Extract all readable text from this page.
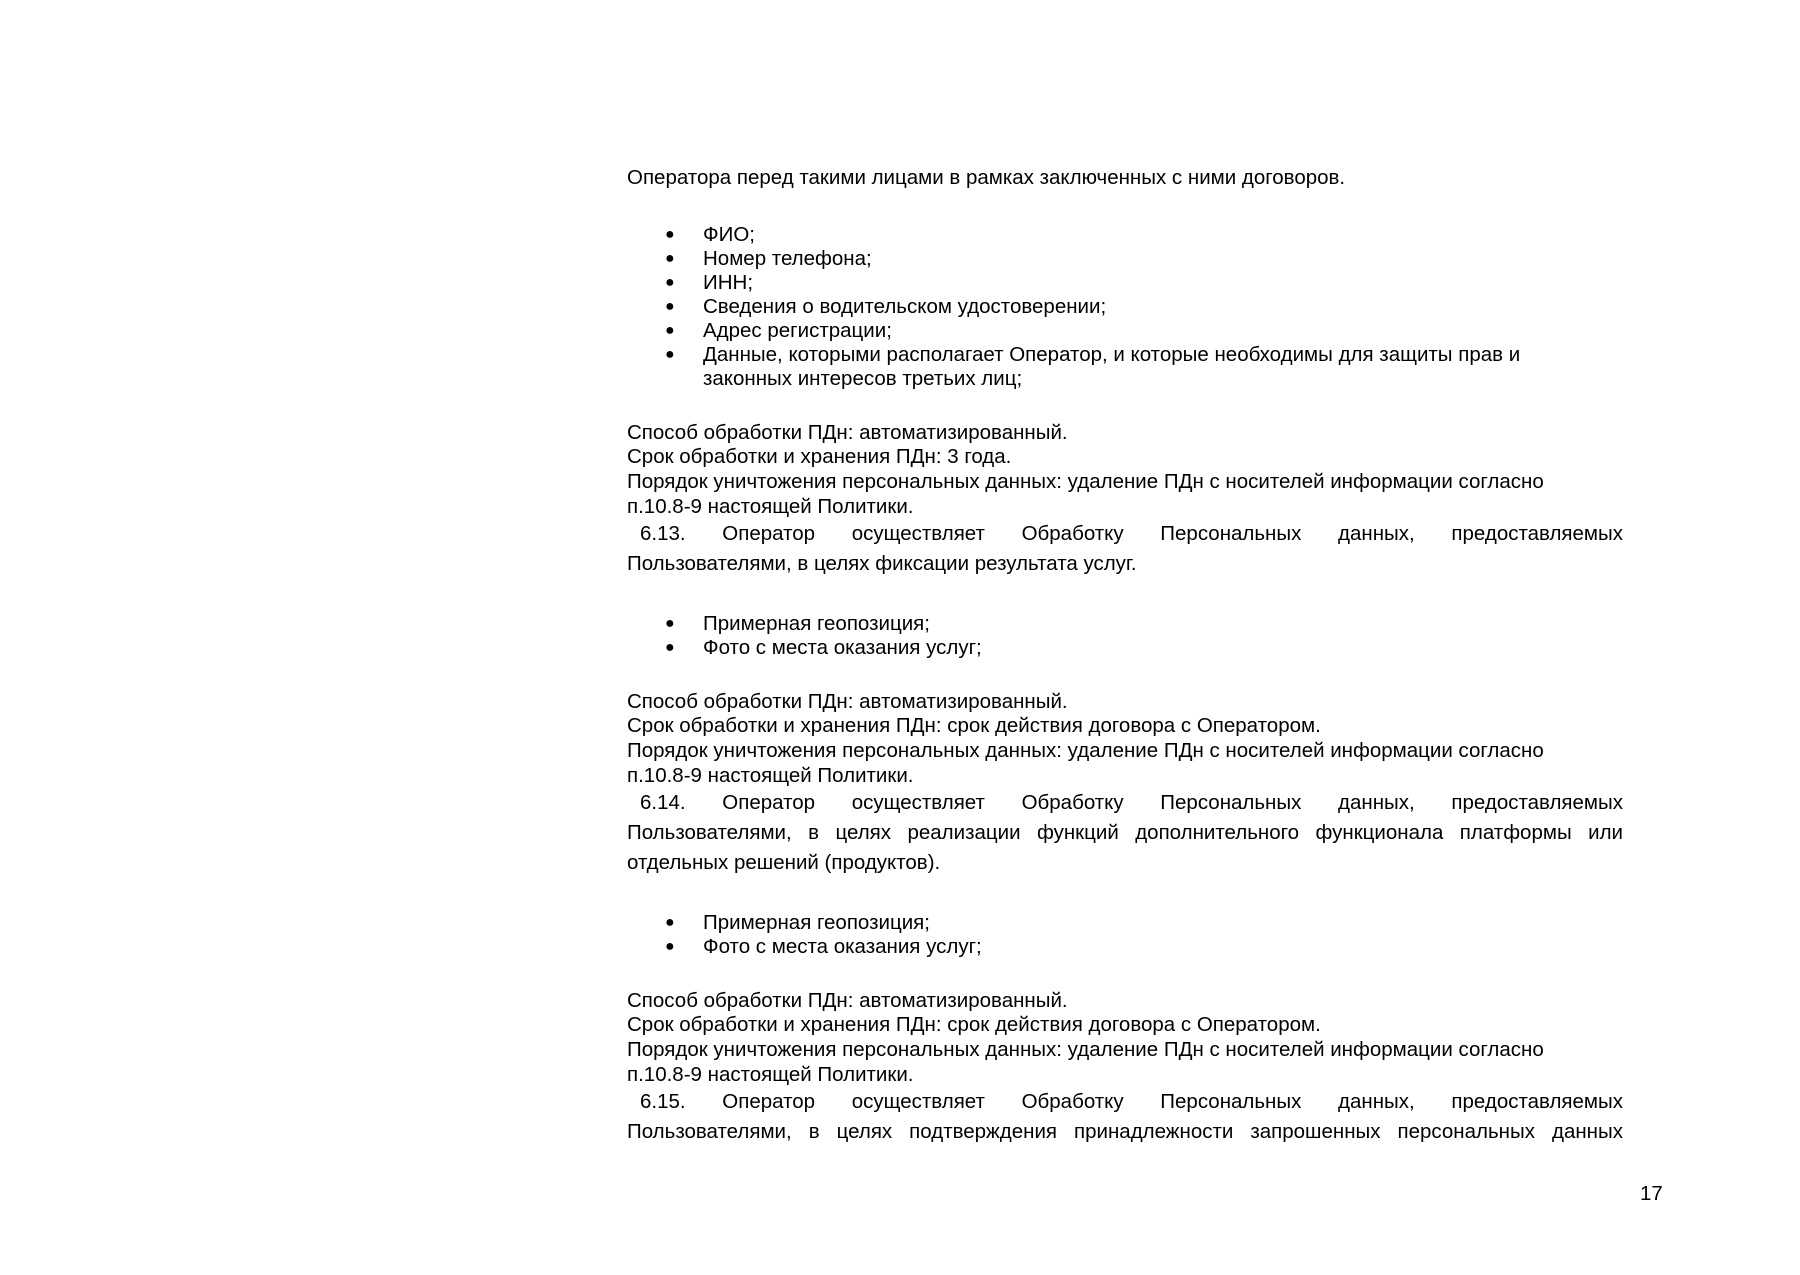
Оператора перед такими лицами в рамках заключенных с ними договоров.

● ФИО;
● Номер телефона;
● ИНН;
● Сведения о водительском удостоверении;
● Адрес регистрации;
● Данные, которыми располагает Оператор, и которые необходимы для защиты прав и законных интересов третьих лиц;

Способ обработки ПДн: автоматизированный.

Срок обработки и хранения ПДн: 3 года.

Порядок уничтожения персональных данных: удаление ПДн с носителей информации согласно

п.10.8-9 настоящей Политики.

6.13. Оператор осуществляет Обработку Персональных данных, предоставляемых

Пользователями, в целях фиксации результата услуг.

● Примерная геопозиция;
● Фото с места оказания услуг;

Способ обработки ПДн: автоматизированный.

Срок обработки и хранения ПДн: срок действия договора с Оператором.

Порядок уничтожения персональных данных: удаление ПДн с носителей информации согласно

п.10.8-9 настоящей Политики.

6.14. Оператор осуществляет Обработку Персональных данных, предоставляемых

Пользователями, в целях реализации функций дополнительного функционала платформы или отдельных решений (продуктов).

● Примерная геопозиция;
● Фото с места оказания услуг;

Способ обработки ПДн: автоматизированный.

Срок обработки и хранения ПДн: срок действия договора с Оператором.

Порядок уничтожения персональных данных: удаление ПДн с носителей информации согласно

п.10.8-9 настоящей Политики.

6.15. Оператор осуществляет Обработку Персональных данных, предоставляемых

Пользователями, в целях подтверждения принадлежности запрошенных персональных данных

17
